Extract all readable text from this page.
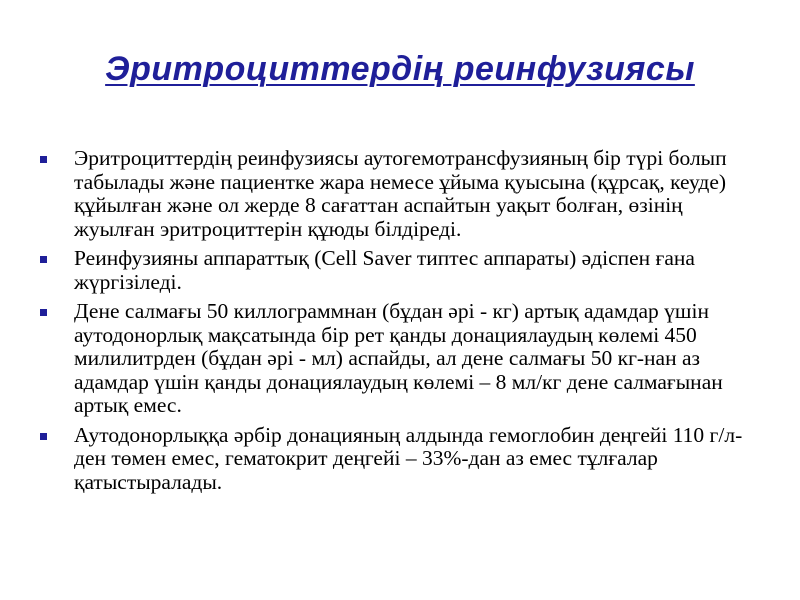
Эритроциттердің реинфузиясы
Эритроциттердің реинфузиясы аутогемотрансфузияның бір түрі болып табылады және пациентке жара немесе ұйыма қуысына (құрсақ, кеуде) құйылған және ол жерде 8 сағаттан аспайтын уақыт болған, өзінің жуылған эритроциттерін құюды білдіреді.
Реинфузияны аппараттық (Cell Saver типтес аппараты) әдіспен ғана жүргізіледі.
Дене салмағы 50 киллограммнан (бұдан әрі - кг) артық адамдар үшін аутодонорлық мақсатында бір рет қанды донациялаудың көлемі 450 милилитрден (бұдан әрі - мл) аспайды, ал дене салмағы 50 кг-нан аз адамдар үшін қанды донациялаудың көлемі – 8 мл/кг дене салмағынан артық емес.
Аутодонорлыққа әрбір донацияның алдында гемоглобин деңгейі 110 г/л-ден төмен емес, гематокрит деңгейі – 33%-дан аз емес тұлғалар қатыстыралады.
